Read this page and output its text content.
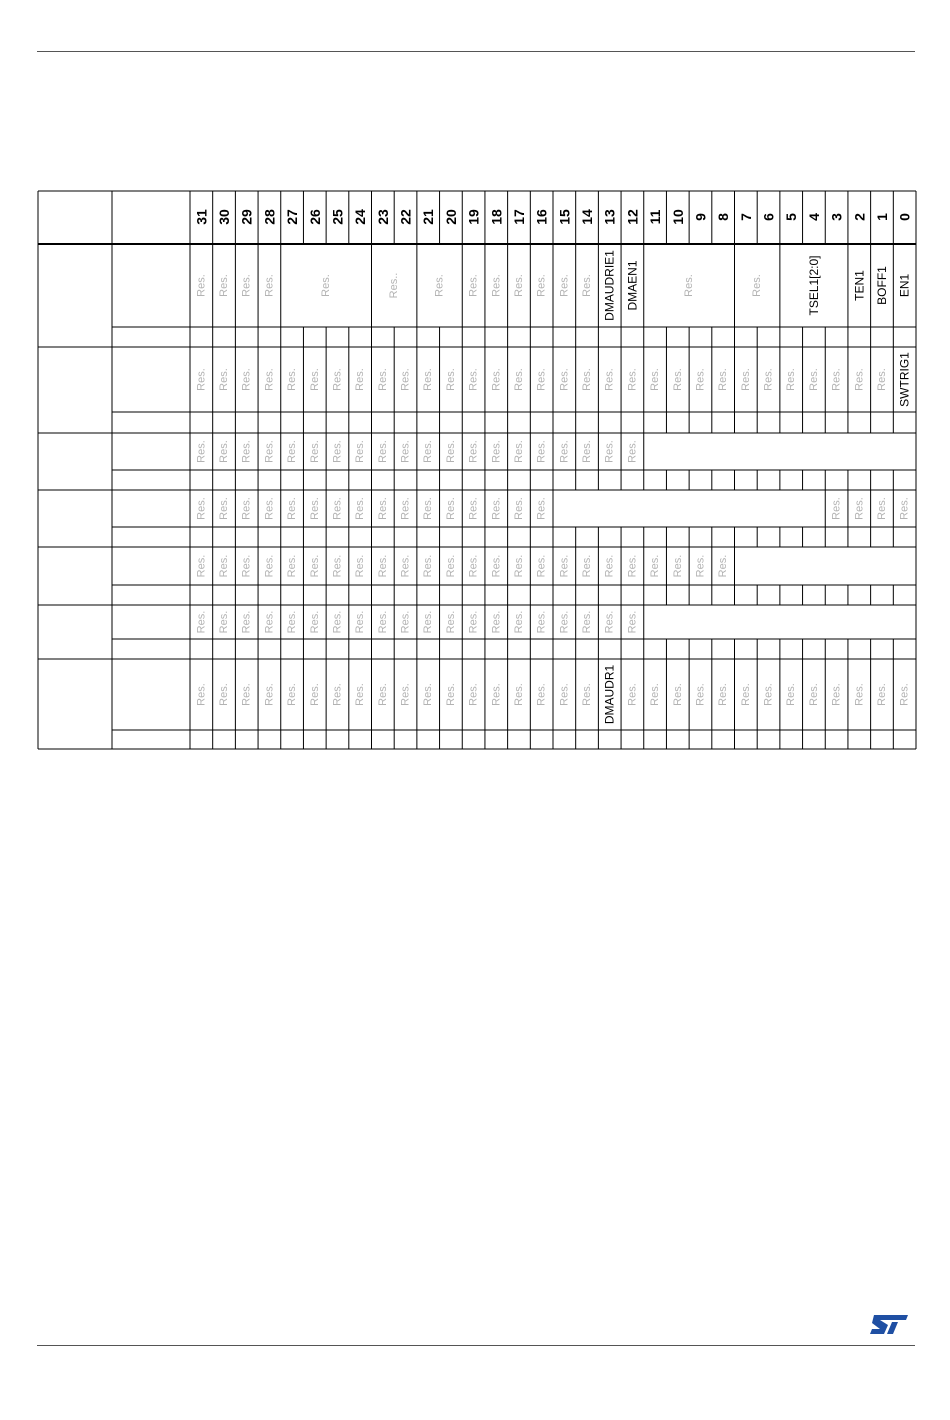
31 30 29 28 27 26 25 24 23 22 21 20 19 18 17 16 15 14 13 12 11 10 9 8 7 6 5 4 3 2 1 0
Res. Res. Res. Res.	Res.	Res..	Res. Res. Res. Res. Res. Res. Res. DMAUDRIE1 DMAEN1	Res.	Res.	TSEL1[2:0]	TEN1 BOFF1 EN1
Res. Res. Res. Res. Res. Res. Res. Res. Res. Res. Res. Res. Res. Res. Res. Res. Res. Res. Res. Res. Res. Res. Res. Res. Res. Res. Res. Res. Res. Res. Res. SWTRIG1
Res. Res. Res. Res. Res. Res. Res. Res. Res. Res. Res. Res. Res. Res. Res. Res. Res. Res. Res. Res.
Res. Res. Res. Res. Res. Res. Res. Res. Res. Res. Res. Res. Res. Res. Res. Res.	Res. Res. Res. Res.
Res. Res. Res. Res. Res. Res. Res. Res. Res. Res. Res. Res. Res. Res. Res. Res. Res. Res. Res. Res. Res. Res. Res. Res.
Res. Res. Res. Res. Res. Res. Res. Res. Res. Res. Res. Res. Res. Res. Res. Res. Res. Res. Res. Res.
Res. Res. Res. Res. Res. Res. Res. Res. Res. Res. Res. Res. Res. Res. Res. Res. Res. Res. DMAUDR1 Res. Res. Res. Res. Res. Res. Res. Res. Res. Res. Res. Res. Res.
